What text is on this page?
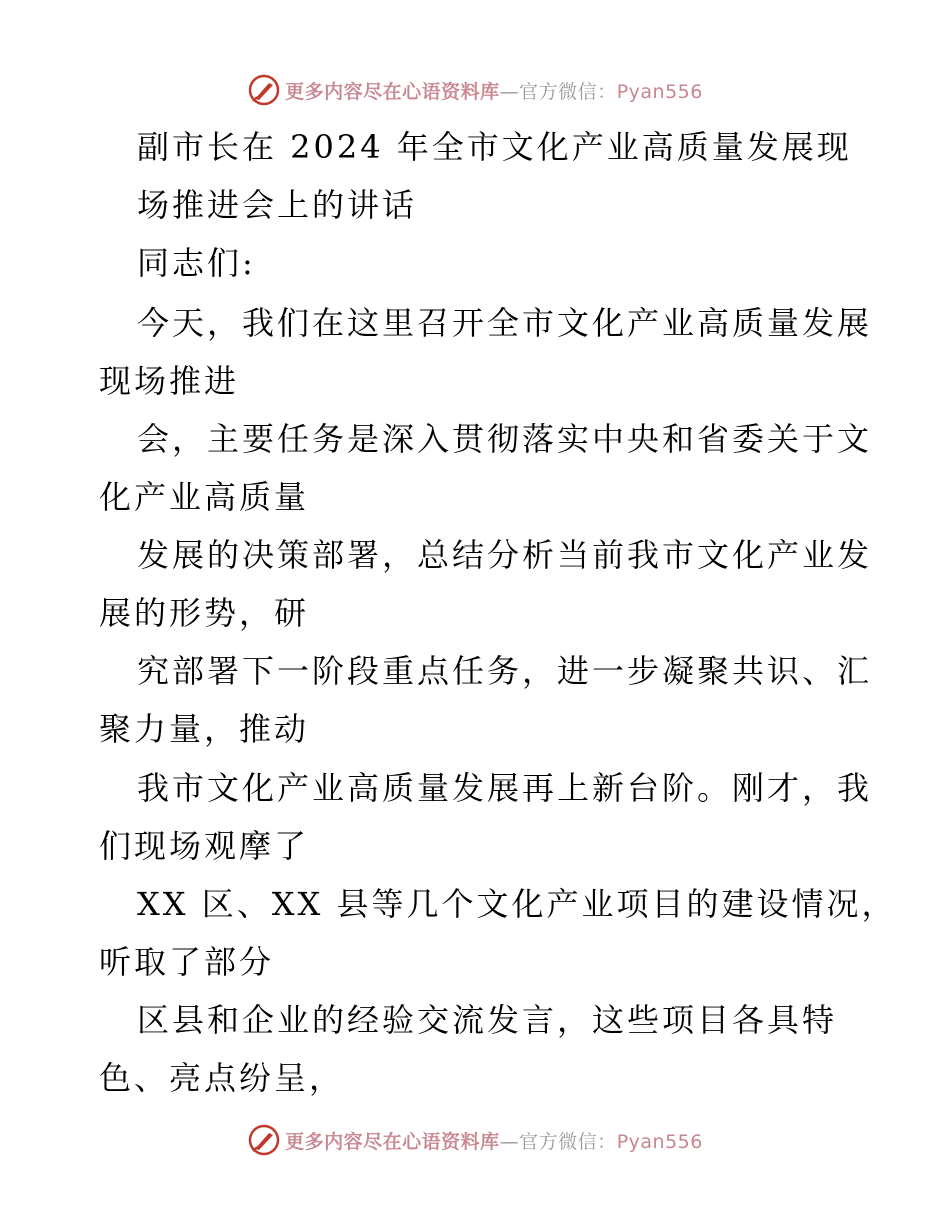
更多内容尽在心语资料库—官方微信：Pyan556
副市长在 2024 年全市文化产业高质量发展现
场推进会上的讲话
同志们:
今天，我们在这里召开全市文化产业高质量发展
现场推进
会，主要任务是深入贯彻落实中央和省委关于文
化产业高质量
发展的决策部署，总结分析当前我市文化产业发
展的形势，研
究部署下一阶段重点任务，进一步凝聚共识、汇
聚力量，推动
我市文化产业高质量发展再上新台阶。刚才，我
们现场观摩了
XX 区、XX 县等几个文化产业项目的建设情况，
听取了部分
区县和企业的经验交流发言，这些项目各具特
色、亮点纷呈，
更多内容尽在心语资料库—官方微信：Pyan556
